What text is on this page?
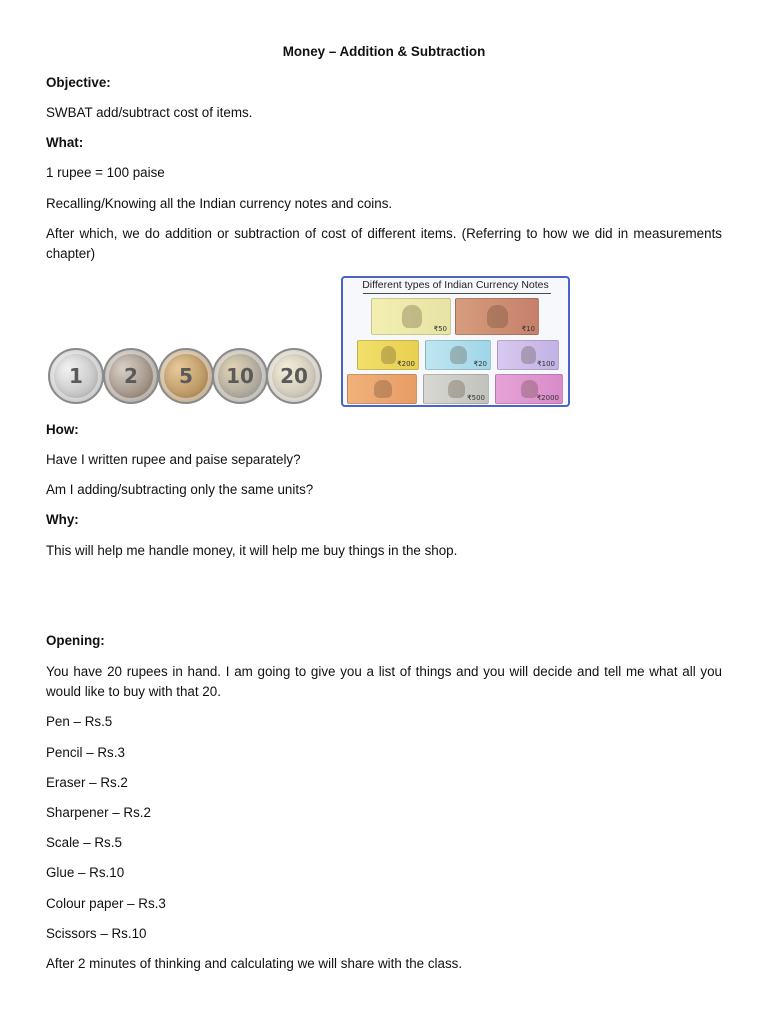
Money – Addition & Subtraction
Objective:
SWBAT add/subtract cost of items.
What:
1 rupee = 100 paise
Recalling/Knowing all the Indian currency notes and coins.
After which, we do addition or subtraction of cost of different items. (Referring to how we did in measurements chapter)
1	2	5	10	20
Different types of Indian Currency Notes
₹50	₹10
₹200	₹20	₹100
₹500	₹2000
How:
Have I written rupee and paise separately?
Am I adding/subtracting only the same units?
Why:
This will help me handle money, it will help me buy things in the shop.
Opening:
You have 20 rupees in hand. I am going to give you a list of things and you will decide and tell me what all you would like to buy with that 20.
Pen – Rs.5
Pencil – Rs.3
Eraser – Rs.2
Sharpener – Rs.2
Scale – Rs.5
Glue – Rs.10
Colour paper – Rs.3
Scissors – Rs.10
After 2 minutes of thinking and calculating we will share with the class.
